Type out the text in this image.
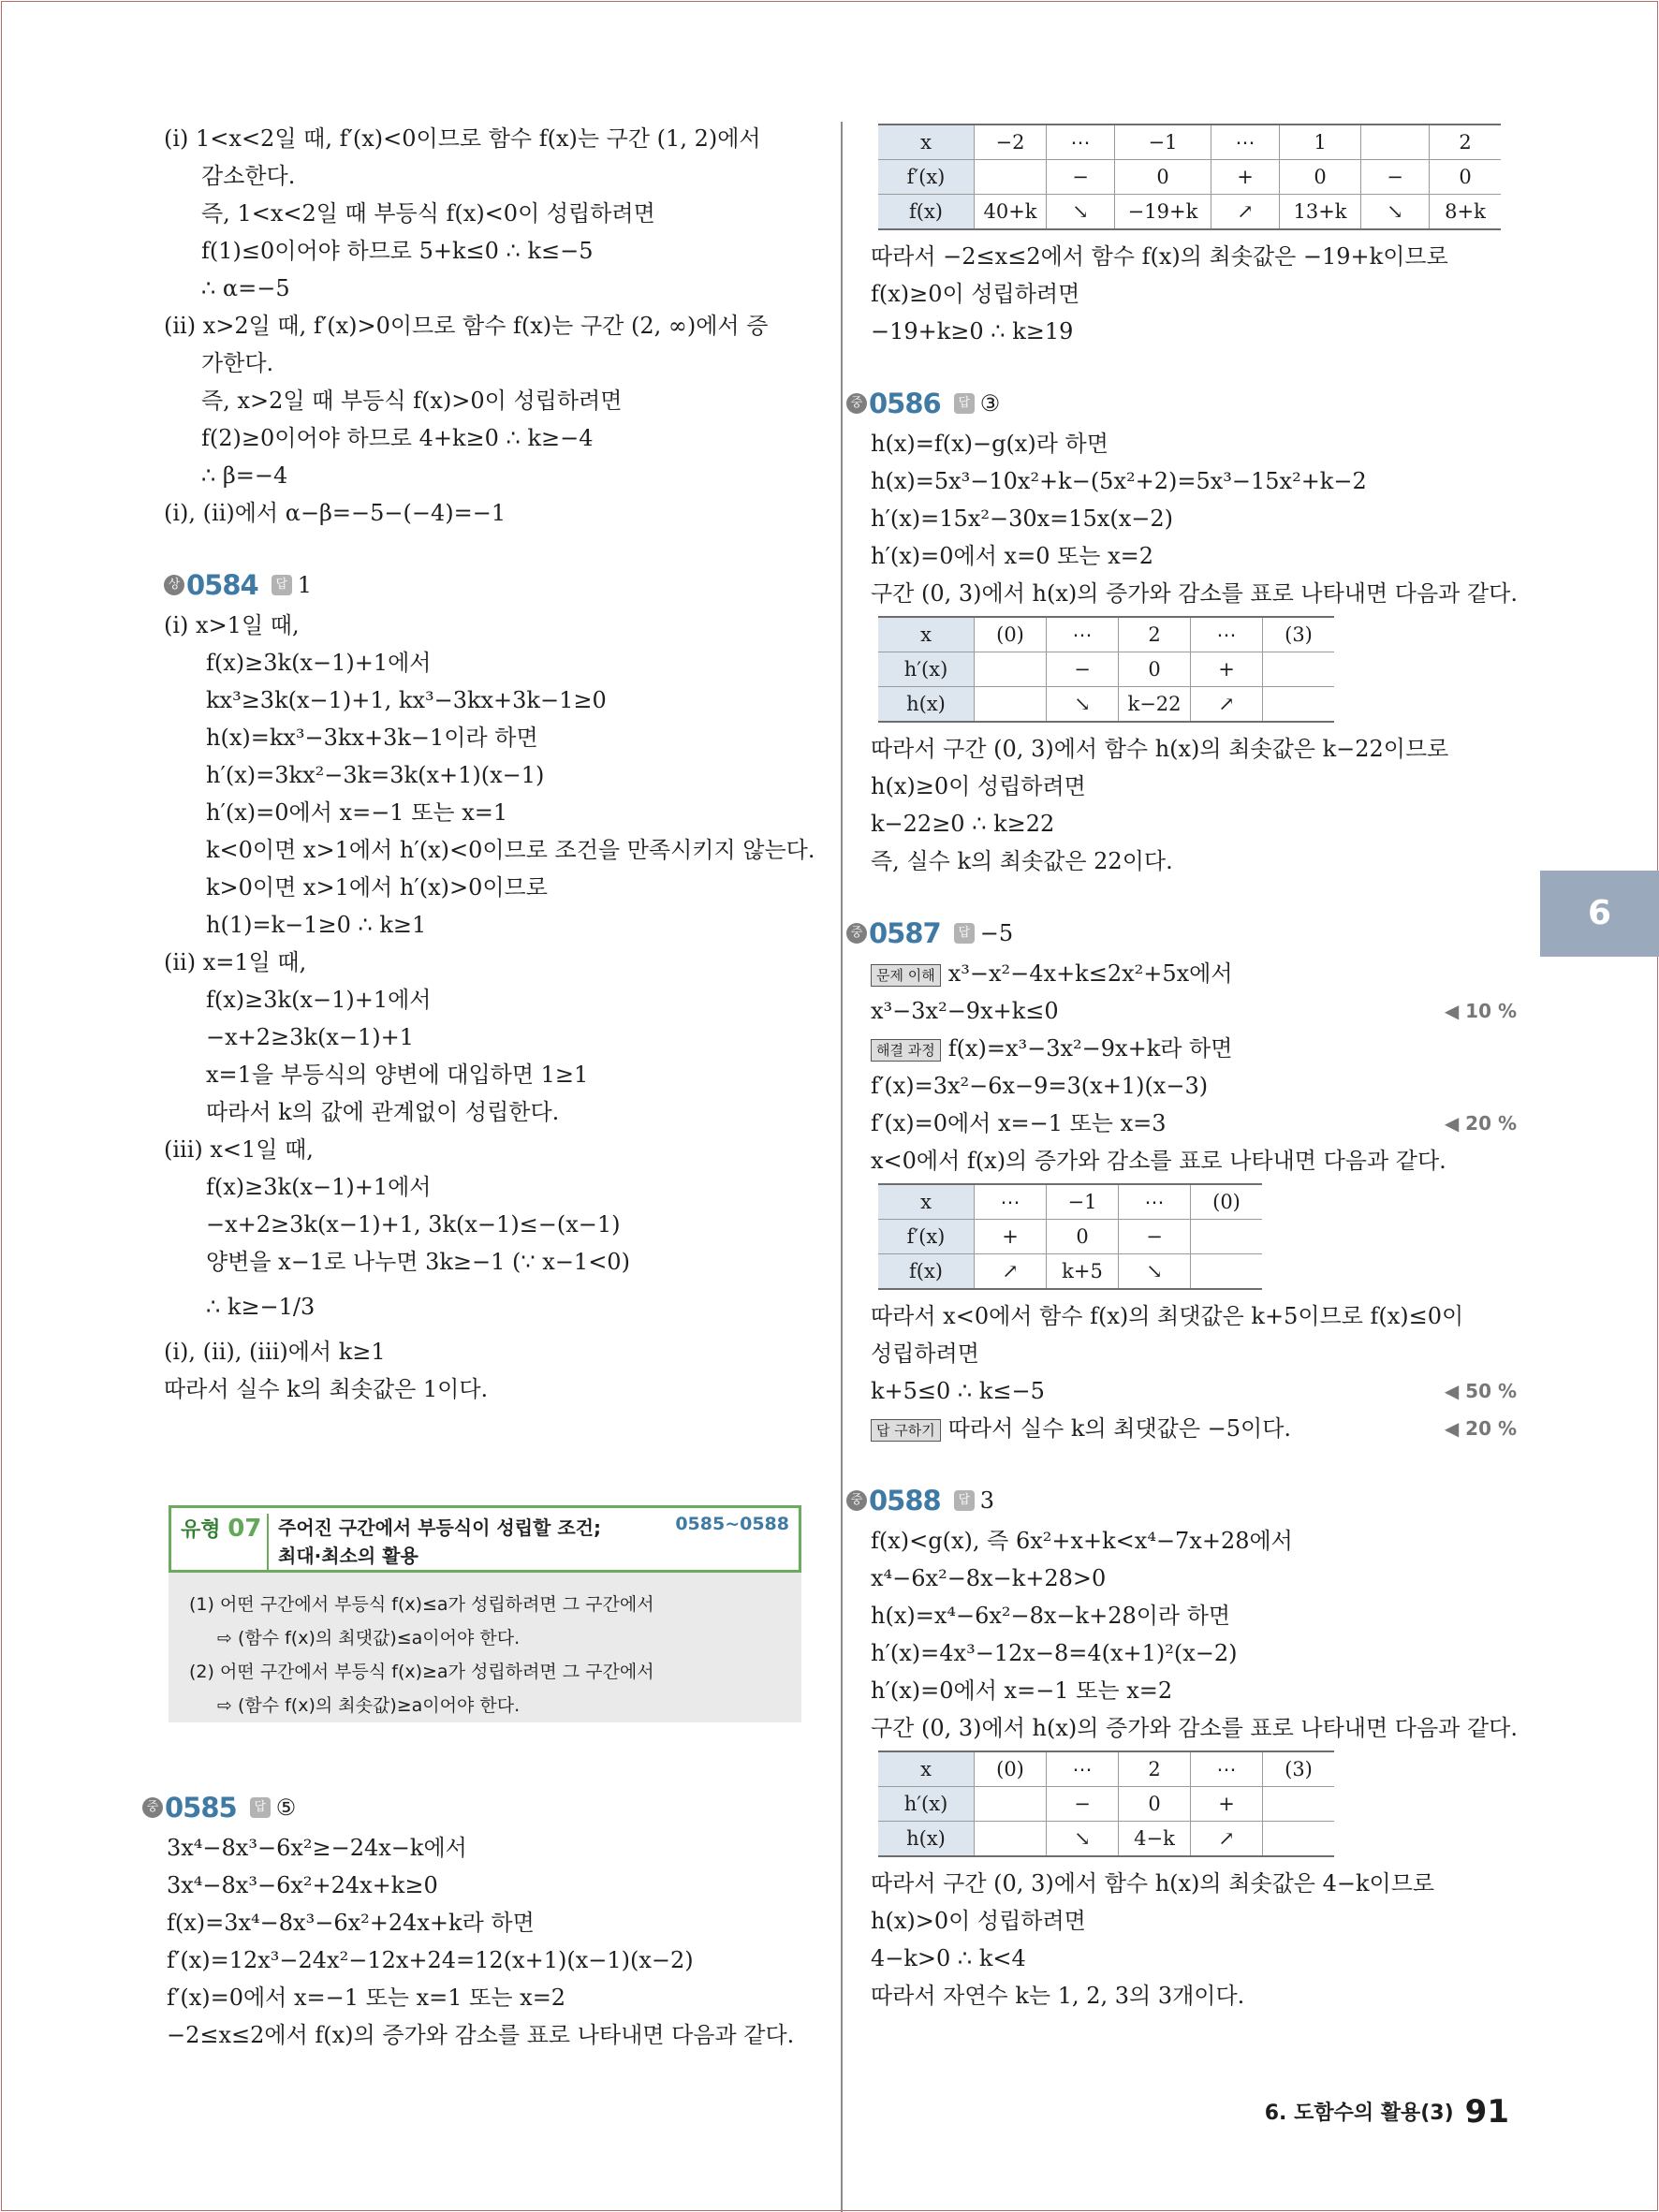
(i) 1<x<2일 때, f′(x)<0이므로 함수 f(x)는 구간 (1, 2)에서
감소한다.
즉, 1<x<2일 때 부등식 f(x)<0이 성립하려면
f(1)≤0이어야 하므로 5+k≤0 ∴ k≤−5
∴ α=−5
(ii) x>2일 때, f′(x)>0이므로 함수 f(x)는 구간 (2, ∞)에서 증
가한다.
즉, x>2일 때 부등식 f(x)>0이 성립하려면
f(2)≥0이어야 하므로 4+k≥0 ∴ k≥−4
∴ β=−4
(i), (ii)에서 α−β=−5−(−4)=−1
상 0584	답 1
(i) x>1일 때,
f(x)≥3k(x−1)+1에서
kx³≥3k(x−1)+1, kx³−3kx+3k−1≥0
h(x)=kx³−3kx+3k−1이라 하면
h′(x)=3kx²−3k=3k(x+1)(x−1)
h′(x)=0에서 x=−1 또는 x=1
k<0이면 x>1에서 h′(x)<0이므로 조건을 만족시키지 않는다.
k>0이면 x>1에서 h′(x)>0이므로
h(1)=k−1≥0 ∴ k≥1
(ii) x=1일 때,
f(x)≥3k(x−1)+1에서
−x+2≥3k(x−1)+1
x=1을 부등식의 양변에 대입하면 1≥1
따라서 k의 값에 관계없이 성립한다.
(iii) x<1일 때,
f(x)≥3k(x−1)+1에서
−x+2≥3k(x−1)+1, 3k(x−1)≤−(x−1)
양변을 x−1로 나누면 3k≥−1 (∵ x−1<0)
∴ k≥−1/3
(i), (ii), (iii)에서 k≥1
따라서 실수 k의 최솟값은 1이다.
유형 07 주어진 구간에서 부등식이 성립할 조건;
최대·최소의 활용
0585~0588
(1) 어떤 구간에서 부등식 f(x)≤a가 성립하려면 그 구간에서
⇨ (함수 f(x)의 최댓값)≤a이어야 한다.
(2) 어떤 구간에서 부등식 f(x)≥a가 성립하려면 그 구간에서
⇨ (함수 f(x)의 최솟값)≥a이어야 한다.
중 0585	답 ⑤
3x⁴−8x³−6x²≥−24x−k에서
3x⁴−8x³−6x²+24x+k≥0
f(x)=3x⁴−8x³−6x²+24x+k라 하면
f′(x)=12x³−24x²−12x+24=12(x+1)(x−1)(x−2)
f′(x)=0에서 x=−1 또는 x=1 또는 x=2
−2≤x≤2에서 f(x)의 증가와 감소를 표로 나타내면 다음과 같다.
x	−2	⋯	−1	⋯	1		2
f′(x)		−	0	+	0	−	0
f(x)	40+k	↘	−19+k	↗	13+k	↘	8+k
따라서 −2≤x≤2에서 함수 f(x)의 최솟값은 −19+k이므로
f(x)≥0이 성립하려면
−19+k≥0 ∴ k≥19
중 0586	답 ③
h(x)=f(x)−g(x)라 하면
h(x)=5x³−10x²+k−(5x²+2)=5x³−15x²+k−2
h′(x)=15x²−30x=15x(x−2)
h′(x)=0에서 x=0 또는 x=2
구간 (0, 3)에서 h(x)의 증가와 감소를 표로 나타내면 다음과 같다.
x	(0)	⋯	2	⋯	(3)
h′(x)		−	0	+	
h(x)		↘	k−22	↗	
따라서 구간 (0, 3)에서 함수 h(x)의 최솟값은 k−22이므로
h(x)≥0이 성립하려면
k−22≥0 ∴ k≥22
즉, 실수 k의 최솟값은 22이다.
중 0587	답 −5
문제 이해 x³−x²−4x+k≤2x²+5x에서
x³−3x²−9x+k≤0	◀ 10 %
해결 과정 f(x)=x³−3x²−9x+k라 하면
f′(x)=3x²−6x−9=3(x+1)(x−3)
f′(x)=0에서 x=−1 또는 x=3	◀ 20 %
x<0에서 f(x)의 증가와 감소를 표로 나타내면 다음과 같다.
x	⋯	−1	⋯	(0)
f′(x)	+	0	−	
f(x)	↗	k+5	↘	
따라서 x<0에서 함수 f(x)의 최댓값은 k+5이므로 f(x)≤0이
성립하려면
k+5≤0 ∴ k≤−5	◀ 50 %
답 구하기 따라서 실수 k의 최댓값은 −5이다.	◀ 20 %
중 0588	답 3
f(x)<g(x), 즉 6x²+x+k<x⁴−7x+28에서
x⁴−6x²−8x−k+28>0
h(x)=x⁴−6x²−8x−k+28이라 하면
h′(x)=4x³−12x−8=4(x+1)²(x−2)
h′(x)=0에서 x=−1 또는 x=2
구간 (0, 3)에서 h(x)의 증가와 감소를 표로 나타내면 다음과 같다.
x	(0)	⋯	2	⋯	(3)
h′(x)		−	0	+	
h(x)		↘	4−k	↗	
따라서 구간 (0, 3)에서 함수 h(x)의 최솟값은 4−k이므로
h(x)>0이 성립하려면
4−k>0 ∴ k<4
따라서 자연수 k는 1, 2, 3의 3개이다.
6
6. 도함수의 활용(3) 91
